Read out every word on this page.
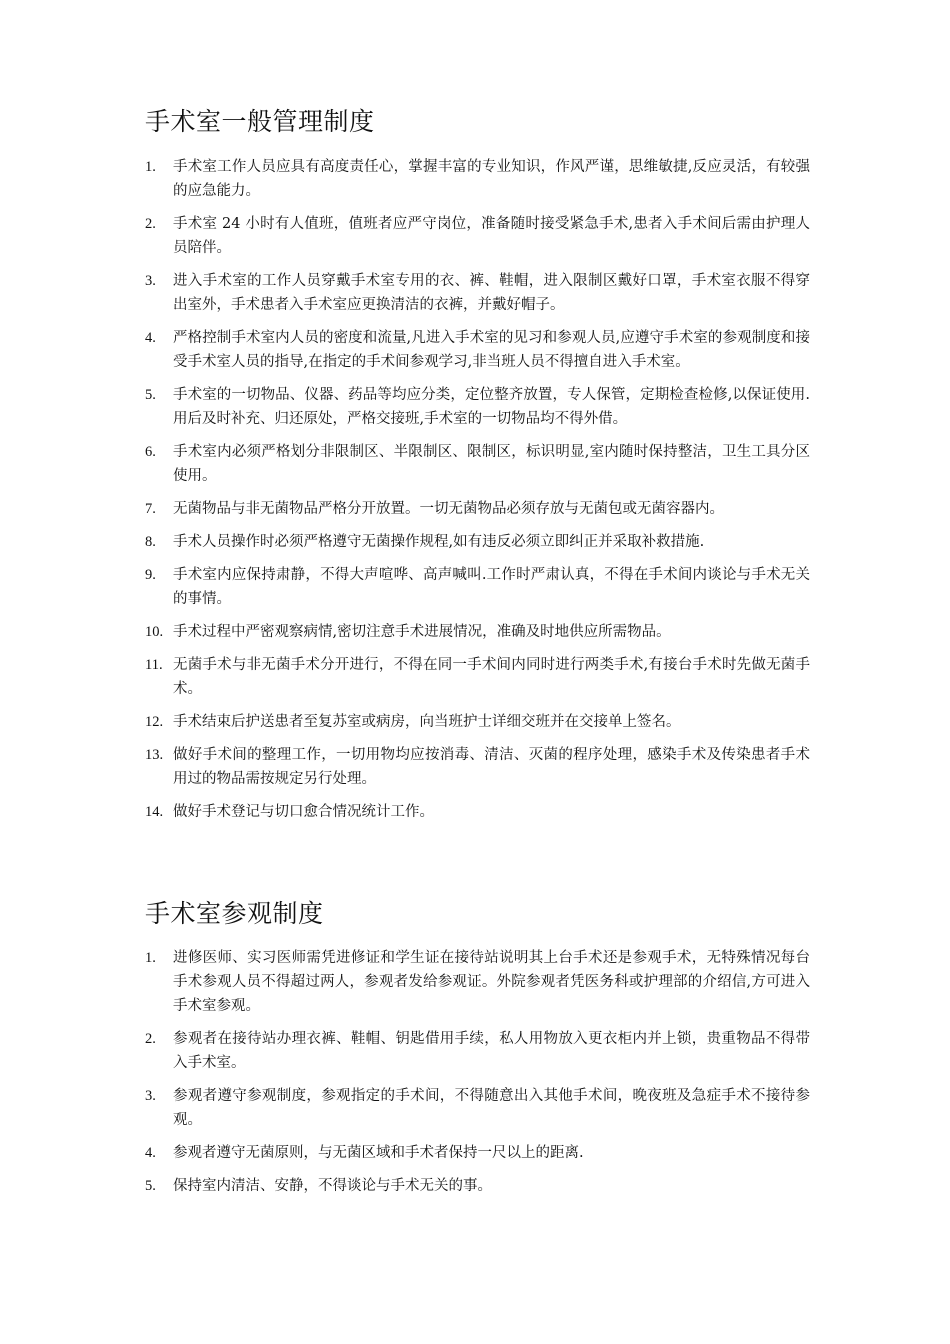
手术室一般管理制度
1.	手术室工作人员应具有高度责任心，掌握丰富的专业知识，作风严谨，思维敏捷,反应灵活，有较强的应急能力。
2.	手术室 24 小时有人值班，值班者应严守岗位，准备随时接受紧急手术,患者入手术间后需由护理人员陪伴。
3.	进入手术室的工作人员穿戴手术室专用的衣、裤、鞋帽，进入限制区戴好口罩，手术室衣服不得穿出室外，手术患者入手术室应更换清洁的衣裤，并戴好帽子。
4.	严格控制手术室内人员的密度和流量,凡进入手术室的见习和参观人员,应遵守手术室的参观制度和接受手术室人员的指导,在指定的手术间参观学习,非当班人员不得擅自进入手术室。
5.	手术室的一切物品、仪器、药品等均应分类，定位整齐放置，专人保管，定期检查检修,以保证使用.用后及时补充、归还原处，严格交接班,手术室的一切物品均不得外借。
6.	手术室内必须严格划分非限制区、半限制区、限制区，标识明显,室内随时保持整洁，卫生工具分区使用。
7.	无菌物品与非无菌物品严格分开放置。一切无菌物品必须存放与无菌包或无菌容器内。
8.	手术人员操作时必须严格遵守无菌操作规程,如有违反必须立即纠正并采取补救措施.
9.	手术室内应保持肃静，不得大声喧哗、高声喊叫.工作时严肃认真，不得在手术间内谈论与手术无关的事情。
10. 手术过程中严密观察病情,密切注意手术进展情况，准确及时地供应所需物品。
11. 无菌手术与非无菌手术分开进行，不得在同一手术间内同时进行两类手术,有接台手术时先做无菌手术。
12. 手术结束后护送患者至复苏室或病房，向当班护士详细交班并在交接单上签名。
13. 做好手术间的整理工作，一切用物均应按消毒、清洁、灭菌的程序处理，感染手术及传染患者手术用过的物品需按规定另行处理。
14. 做好手术登记与切口愈合情况统计工作。
手术室参观制度
1.	进修医师、实习医师需凭进修证和学生证在接待站说明其上台手术还是参观手术，无特殊情况每台手术参观人员不得超过两人，参观者发给参观证。外院参观者凭医务科或护理部的介绍信,方可进入手术室参观。
2.	参观者在接待站办理衣裤、鞋帽、钥匙借用手续，私人用物放入更衣柜内并上锁，贵重物品不得带入手术室。
3.	参观者遵守参观制度，参观指定的手术间，不得随意出入其他手术间，晚夜班及急症手术不接待参观。
4.	参观者遵守无菌原则，与无菌区域和手术者保持一尺以上的距离.
5.	保持室内清洁、安静，不得谈论与手术无关的事。
